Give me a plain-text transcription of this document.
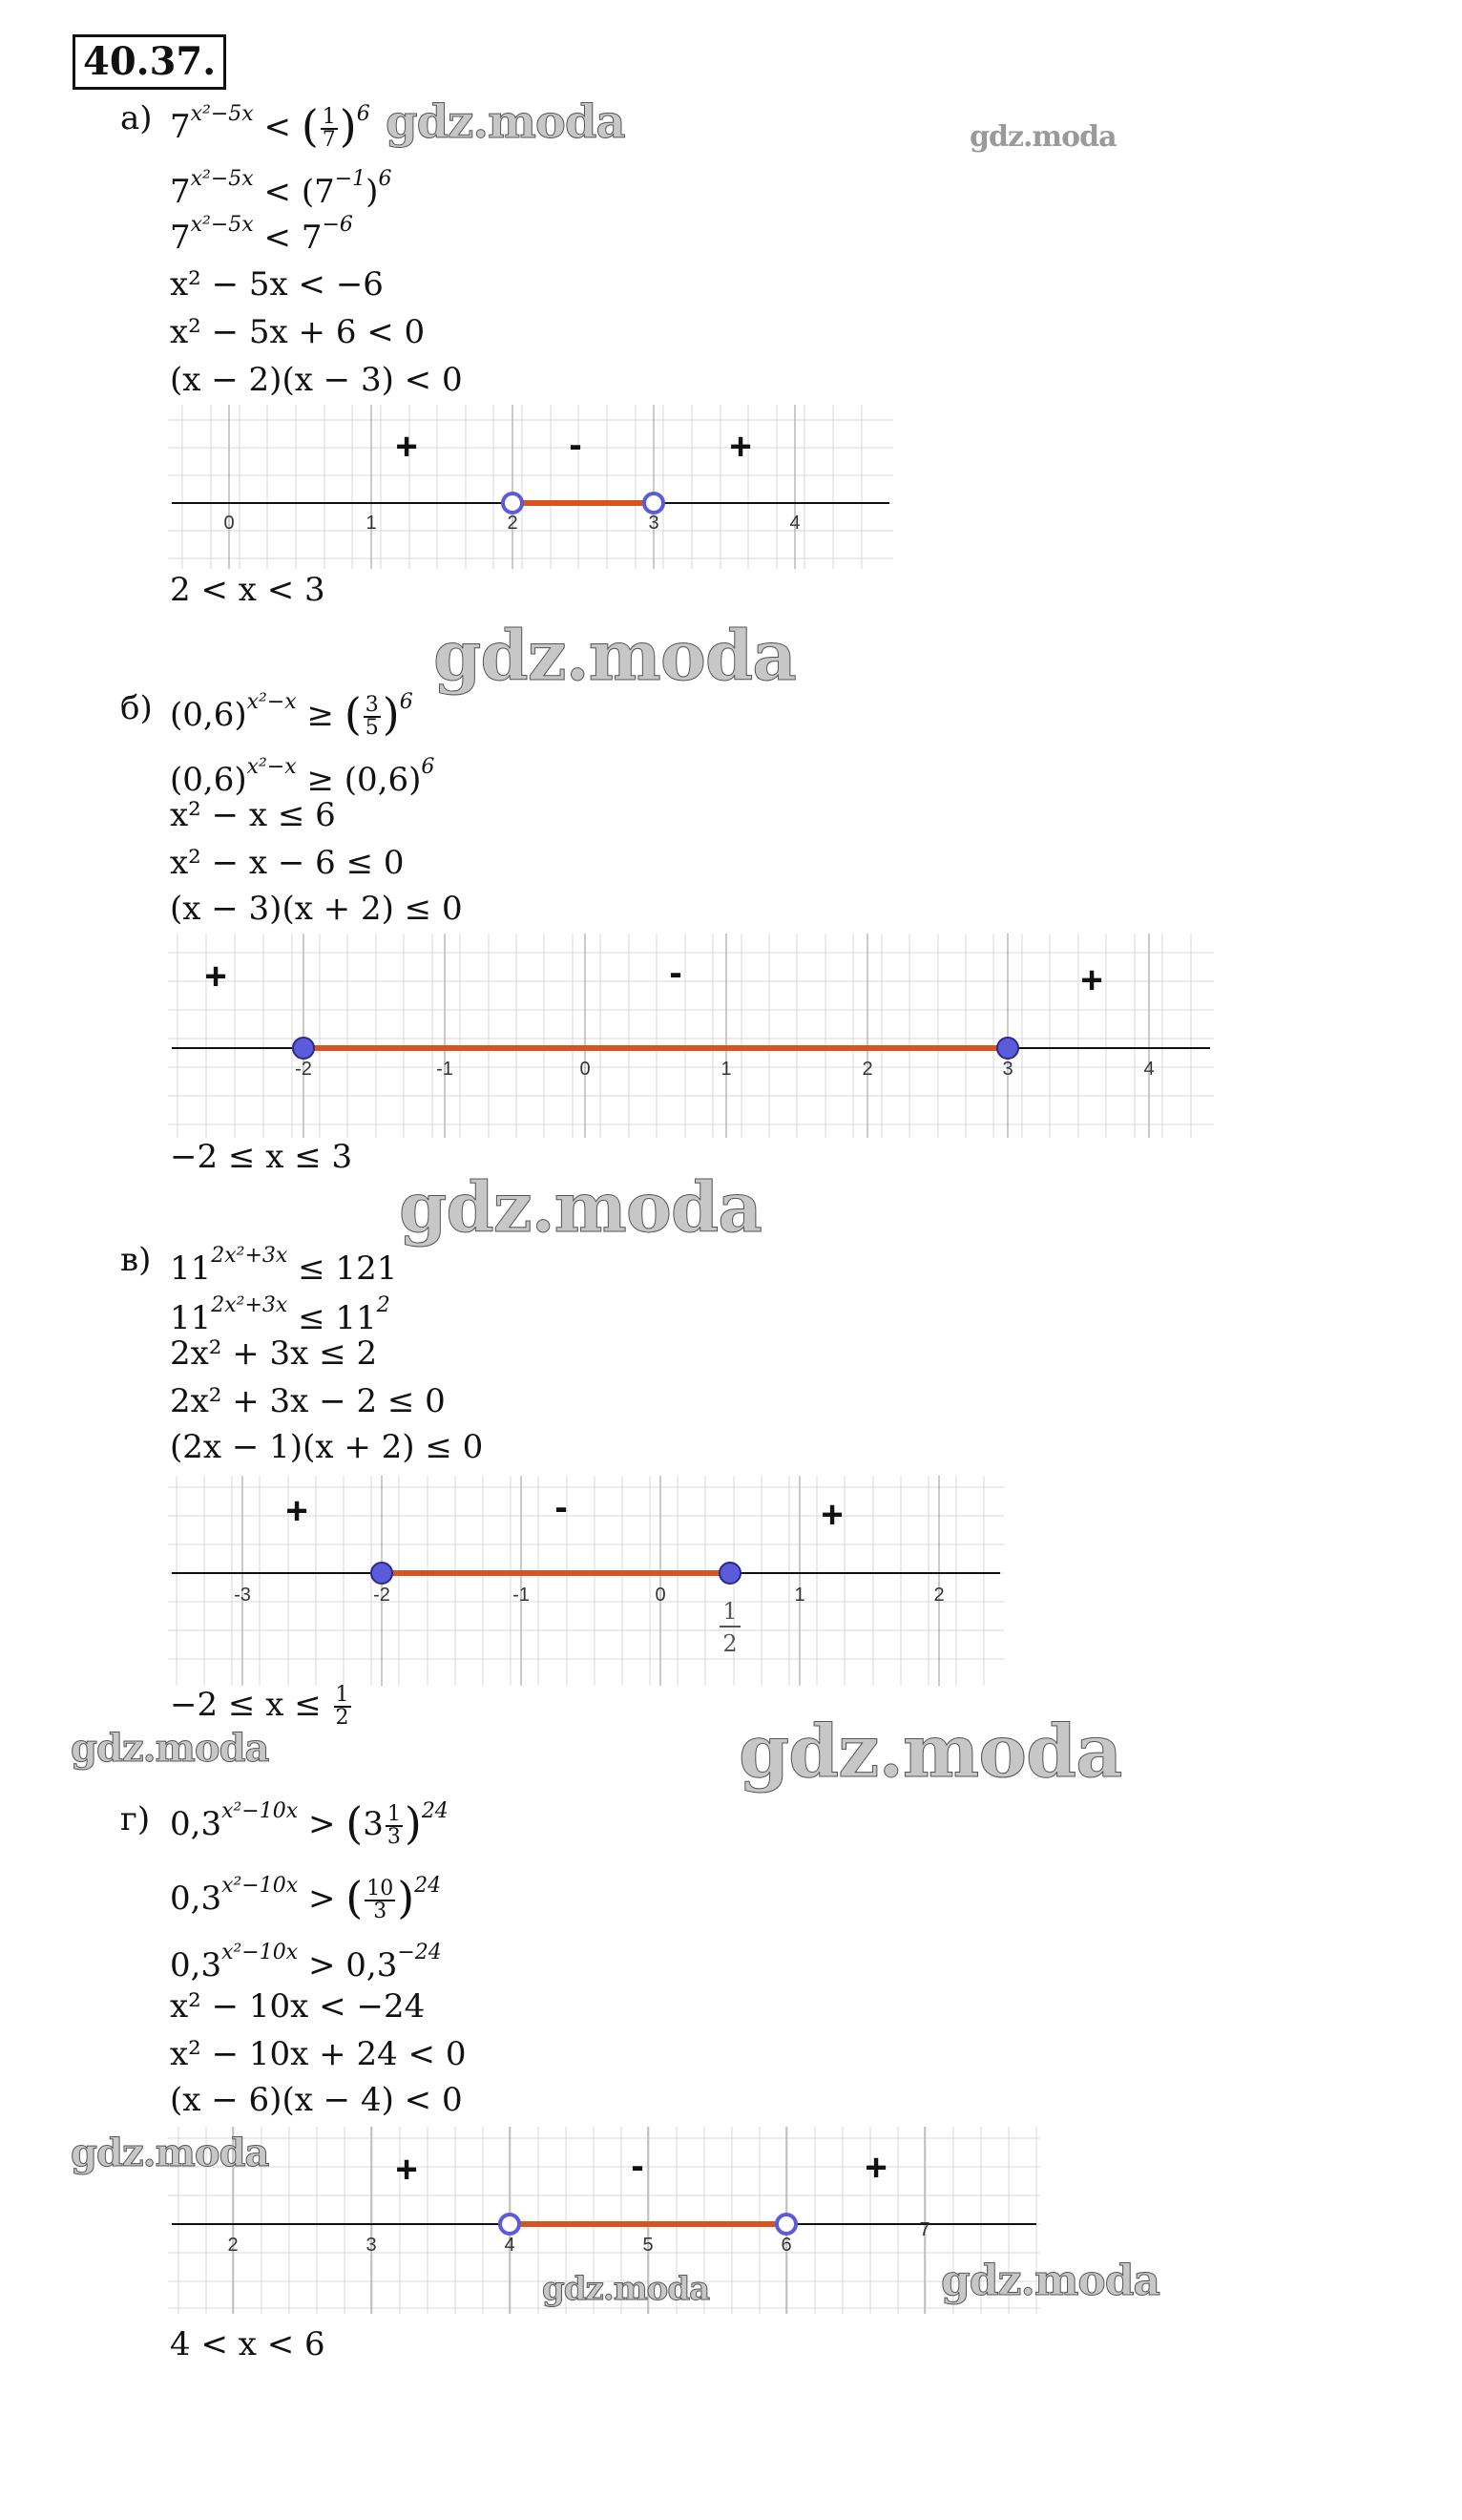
40.37.
а) $7^{x^2-5x}$ < ( $\frac{1}{7} )^6$
$7^{x^2-5x} < (7^{-1})^6$
$7^{x^2-5x} < 7^{-6}$
x² − 5x < −6
x² − 5x + 6 < 0
(x − 2)(x − 3) < 0
0	1	2	3	4
+	-	+
2 < x < 3
б) $(0,6)^{x^2-x}$ ≥ ( $\frac{3}{5} )^6$
$(0,6)^{x^2-x} \ge (0,6)^6$
x² − x ≤ 6
x² − x − 6 ≤ 0
(x − 3)(x + 2) ≤ 0
-2	-1	0	1	2	3	4
+	-	+
−2 ≤ x ≤ 3
в) $11^{2x^2+3x} \le 121$
$11^{2x^2+3x} \le 11^2$
2x² + 3x ≤ 2
2x² + 3x − 2 ≤ 0
(2x − 1)(x + 2) ≤ 0
-3	-2	-1	0	1	2
1
2
+	-	+
$-2 \le x \le \frac{1}{2}$
г) $0,3^{x^2-10x} > (3 \frac{1}{3} )^{24}$
$0,3^{x^2-10x}$ > ( $\frac{10}{3} )^{24}$
$0,3^{x^2-10x} > 0,3^{-24}$
x² − 10x < −24
x² − 10x + 24 < 0
(x − 6)(x − 4) < 0
2	3	4	5	6
7
+	-	+
4 < x < 6
gdz.moda	gdz.moda
gdz.moda
gdz.moda
gdz.moda	gdz.moda
gdz.moda
gdz.moda	gdz.moda
